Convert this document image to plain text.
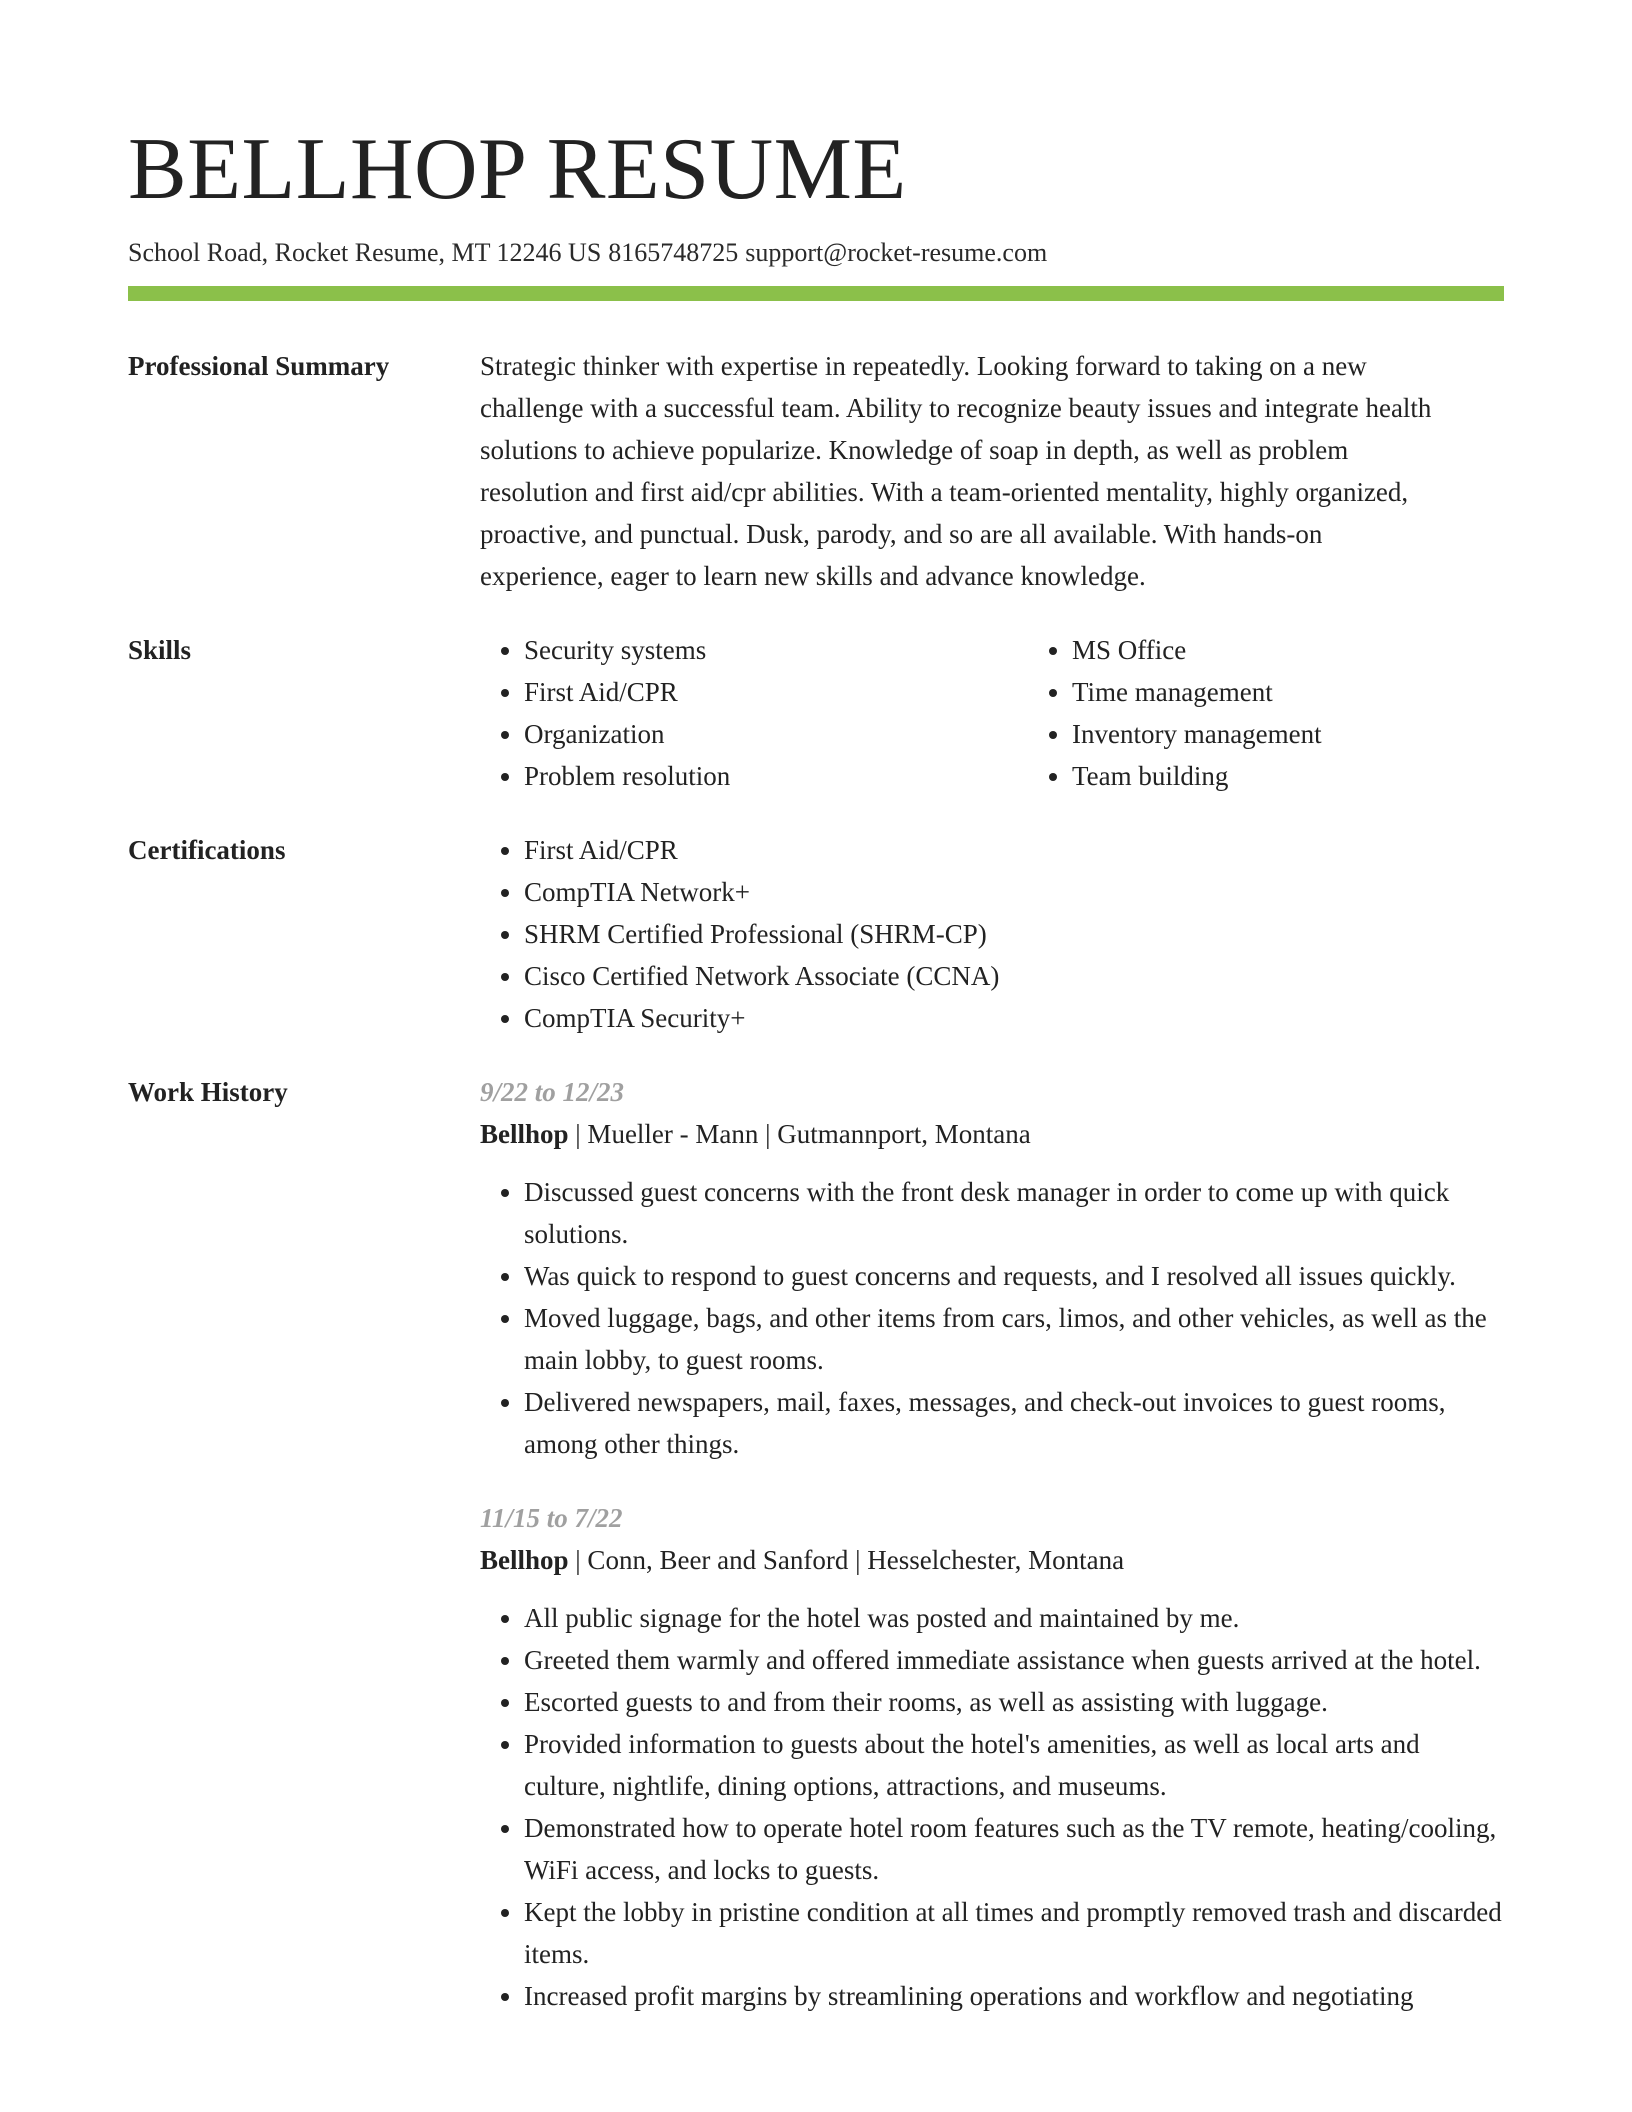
BELLHOP RESUME
School Road, Rocket Resume, MT 12246 US 8165748725 support@rocket-resume.com
Professional Summary	Strategic thinker with expertise in repeatedly. Looking forward to taking on a new
challenge with a successful team. Ability to recognize beauty issues and integrate health
solutions to achieve popularize. Knowledge of soap in depth, as well as problem
resolution and first aid/cpr abilities. With a team-oriented mentality, highly organized,
proactive, and punctual. Dusk, parody, and so are all available. With hands-on
experience, eager to learn new skills and advance knowledge.
Skills	• Security systems
• First Aid/CPR
• Organization
• Problem resolution
• MS Office
• Time management
• Inventory management
• Team building
Certifications	• First Aid/CPR
• CompTIA Network+
• SHRM Certified Professional (SHRM-CP)
• Cisco Certified Network Associate (CCNA)
• CompTIA Security+
Work History	9/22 to 12/23
Bellhop | Mueller - Mann | Gutmannport, Montana
• Discussed guest concerns with the front desk manager in order to come up with quick solutions.
• Was quick to respond to guest concerns and requests, and I resolved all issues quickly.
• Moved luggage, bags, and other items from cars, limos, and other vehicles, as well as the main lobby, to guest rooms.
• Delivered newspapers, mail, faxes, messages, and check-out invoices to guest rooms, among other things.
11/15 to 7/22
Bellhop | Conn, Beer and Sanford | Hesselchester, Montana
• All public signage for the hotel was posted and maintained by me.
• Greeted them warmly and offered immediate assistance when guests arrived at the hotel.
• Escorted guests to and from their rooms, as well as assisting with luggage.
• Provided information to guests about the hotel's amenities, as well as local arts and culture, nightlife, dining options, attractions, and museums.
• Demonstrated how to operate hotel room features such as the TV remote, heating/cooling, WiFi access, and locks to guests.
• Kept the lobby in pristine condition at all times and promptly removed trash and discarded items.
• Increased profit margins by streamlining operations and workflow and negotiating
